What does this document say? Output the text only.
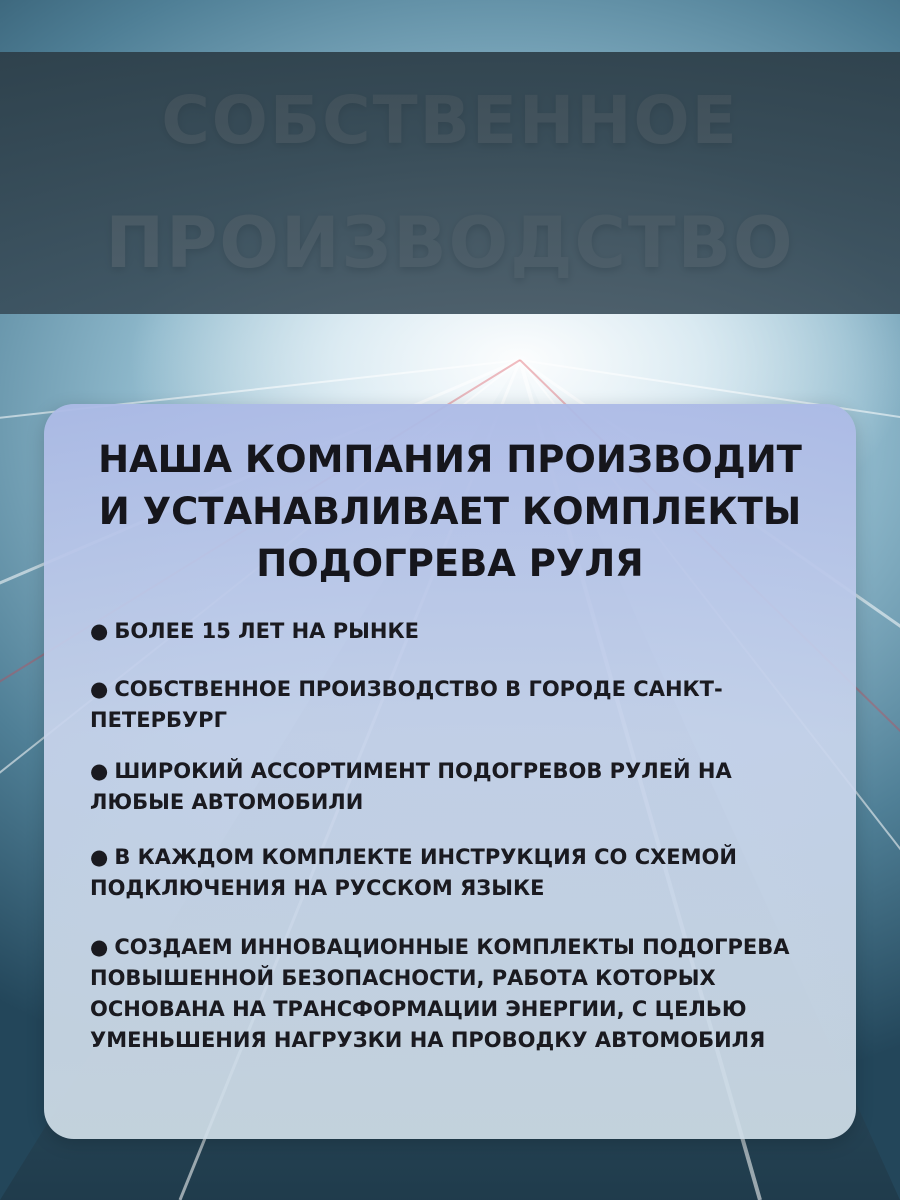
НАША КОМПАНИЯ ПРОИЗВОДИТ
И УСТАНАВЛИВАЕТ КОМПЛЕКТЫ
ПОДОГРЕВА РУЛЯ
● БОЛЕЕ 15 ЛЕТ НА РЫНКЕ
● СОБСТВЕННОЕ ПРОИЗВОДСТВО В ГОРОДЕ САНКТ-ПЕТЕРБУРГ
● ШИРОКИЙ АССОРТИМЕНТ ПОДОГРЕВОВ РУЛЕЙ НА ЛЮБЫЕ АВТОМОБИЛИ
● В КАЖДОМ КОМПЛЕКТЕ ИНСТРУКЦИЯ СО СХЕМОЙ ПОДКЛЮЧЕНИЯ НА РУССКОМ ЯЗЫКЕ
● СОЗДАЕМ ИННОВАЦИОННЫЕ КОМПЛЕКТЫ ПОДОГРЕВА ПОВЫШЕННОЙ БЕЗОПАСНОСТИ, РАБОТА КОТОРЫХ ОСНОВАНА НА ТРАНСФОРМАЦИИ ЭНЕРГИИ, С ЦЕЛЬЮ УМЕНЬШЕНИЯ НАГРУЗКИ НА ПРОВОДКУ АВТОМОБИЛЯ
